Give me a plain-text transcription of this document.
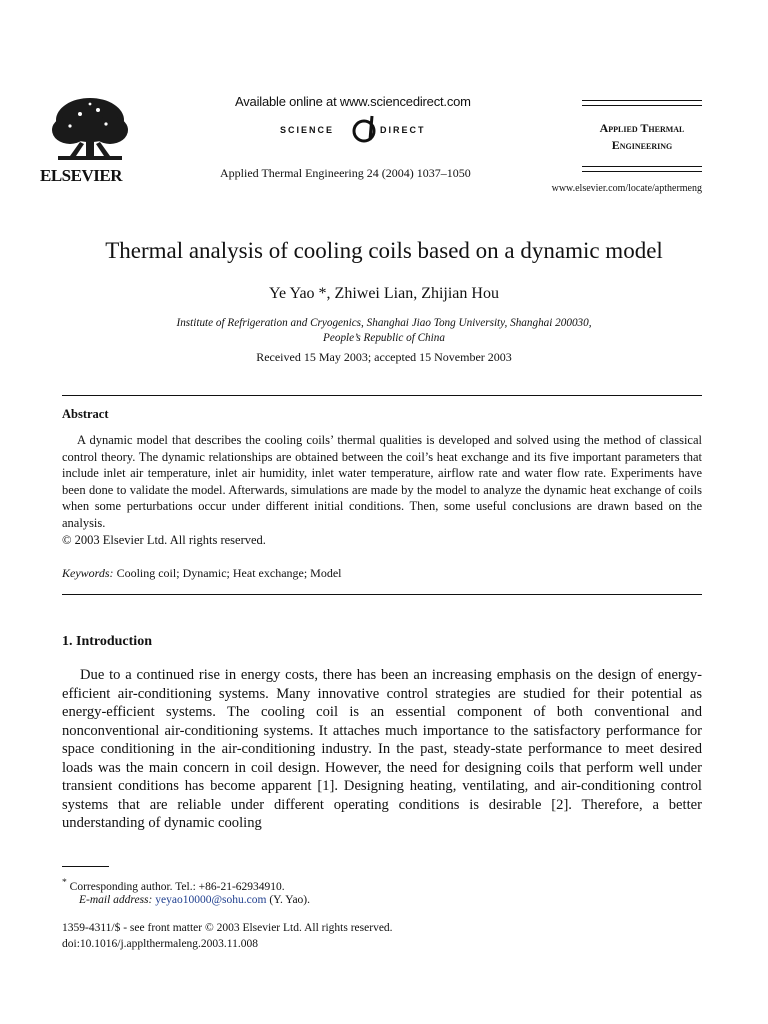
ELSEVIER
Available online at www.sciencedirect.com
SCIENCE	DIRECT
Applied Thermal Engineering 24 (2004) 1037–1050
Applied Thermal
Engineering
www.elsevier.com/locate/apthermeng
Thermal analysis of cooling coils based on a dynamic model
Ye Yao *, Zhiwei Lian, Zhijian Hou
Institute of Refrigeration and Cryogenics, Shanghai Jiao Tong University, Shanghai 200030,
People’s Republic of China
Received 15 May 2003; accepted 15 November 2003
Abstract
A dynamic model that describes the cooling coils’ thermal qualities is developed and solved using the method of classical control theory. The dynamic relationships are obtained between the coil’s heat exchange and its five important parameters that include inlet air temperature, inlet air humidity, inlet water temperature, airflow rate and water flow rate. Experiments have been done to validate the model. Afterwards, simulations are made by the model to analyze the dynamic heat exchange of coils when some perturbations occur under different initial conditions. Then, some useful conclusions are drawn based on the analysis.
© 2003 Elsevier Ltd. All rights reserved.
Keywords: Cooling coil; Dynamic; Heat exchange; Model
1. Introduction
Due to a continued rise in energy costs, there has been an increasing emphasis on the design of energy-efficient air-conditioning systems. Many innovative control strategies are studied for their potential as energy-efficient systems. The cooling coil is an essential component of both conventional and nonconventional air-conditioning systems. It attaches much importance to the satisfactory performance for space conditioning in the air-conditioning industry. In the past, steady-state performance to meet desired loads was the main concern in coil design. However, the need for designing coils that perform well under transient conditions has become apparent [1]. Designing heating, ventilating, and air-conditioning control systems that are reliable under different operating conditions is desirable [2]. Therefore, a better understanding of dynamic cooling
* Corresponding author. Tel.: +86-21-62934910.
E-mail address: yeyao10000@sohu.com (Y. Yao).
1359-4311/$ - see front matter © 2003 Elsevier Ltd. All rights reserved.
doi:10.1016/j.applthermaleng.2003.11.008
